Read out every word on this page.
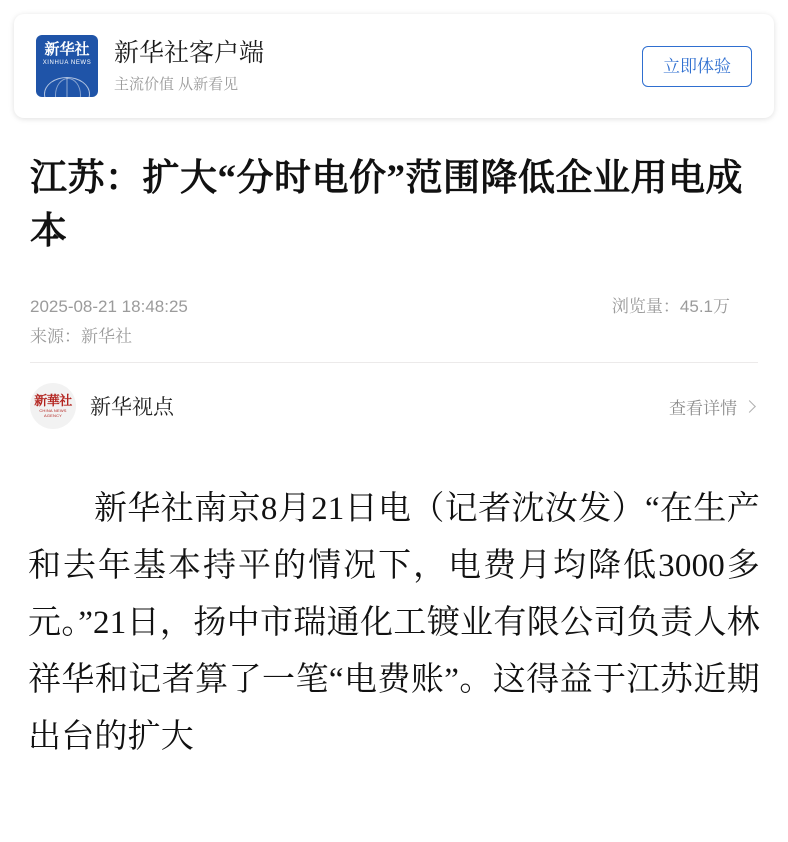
新华社
XINHUA NEWS 新华社客户端
主流价值 从新看见
立即体验
江苏：扩大“分时电价”范围降低企业用电成本
2025-08-21 18:48:25
来源：新华社
浏览量：45.1万
新華社
CHINA NEWS AGENCY	新华视点	查看详情

新华社南京8月21日电（记者沈汝发）“在生产和去年基本持平的情况下，电费月均降低3000多元。”21日，扬中市瑞通化工镀业有限公司负责人林祥华和记者算了一笔“电费账”。这得益于江苏近期出台的扩大
